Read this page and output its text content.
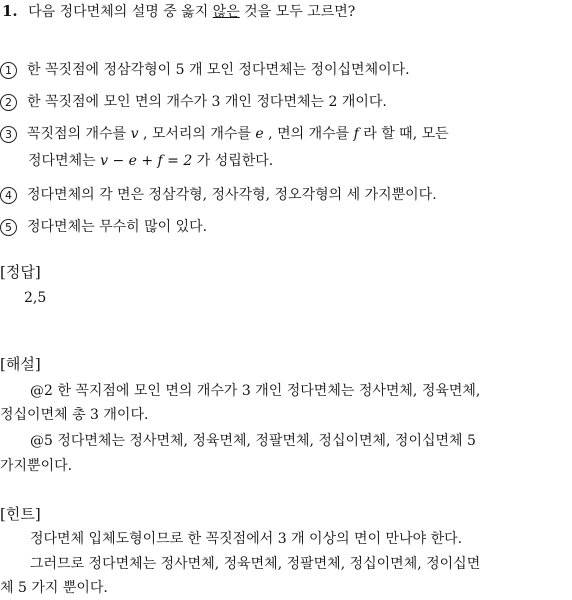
1. 다음 정다면체의 설명 중 옳지 않은 것을 모두 고르면?
1 한 꼭짓점에 정삼각형이 5 개 모인 정다면체는 정이십면체이다.
2 한 꼭짓점에 모인 면의 개수가 3 개인 정다면체는 2 개이다.
3 꼭짓점의 개수를 v , 모서리의 개수를 e , 면의 개수를 f 라 할 때, 모든
정다면체는 v − e + f = 2 가 성립한다.
4 정다면체의 각 면은 정삼각형, 정사각형, 정오각형의 세 가지뿐이다.
5 정다면체는 무수히 많이 있다.
[정답]
2,5
[해설]
@2 한 꼭지점에 모인 면의 개수가 3 개인 정다면체는 정사면체, 정육면체,
정십이면체 총 3 개이다.
@5 정다면체는 정사면체, 정육면체, 정팔면체, 정십이면체, 정이십면체 5
가지뿐이다.
[힌트]
정다면체 입체도형이므로 한 꼭짓점에서 3 개 이상의 면이 만나야 한다.
그러므로 정다면체는 정사면체, 정육면체, 정팔면체, 정십이면체, 정이십면
체 5 가지 뿐이다.
